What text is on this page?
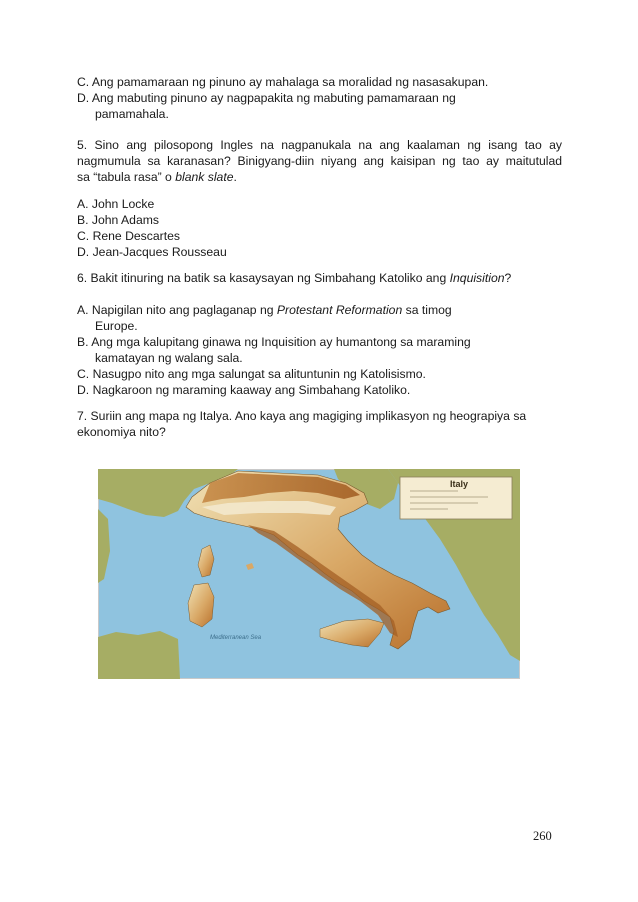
C. Ang pamamaraan ng pinuno ay mahalaga sa moralidad ng nasasakupan.
D. Ang mabuting pinuno ay nagpapakita ng mabuting pamamaraan ng
pamamahala.
5. Sino ang pilosopong Ingles na nagpanukala na ang kaalaman ng isang tao ay
nagmumula sa karanasan? Binigyang-diin niyang ang kaisipan ng tao ay maitutulad
sa “tabula rasa” o blank slate.
A. John Locke
B. John Adams
C. Rene Descartes
D. Jean-Jacques Rousseau
6. Bakit itinuring na batik sa kasaysayan ng Simbahang Katoliko ang Inquisition?
A. Napigilan nito ang paglaganap ng Protestant Reformation sa timog
Europe.
B. Ang mga kalupitang ginawa ng Inquisition ay humantong sa maraming
kamatayan ng walang sala.
C. Nasugpo nito ang mga salungat sa alituntunin ng Katolisismo.
D. Nagkaroon ng maraming kaaway ang Simbahang Katoliko.
7. Suriin ang mapa ng Italya. Ano kaya ang magiging implikasyon ng heograpiya sa
ekonomiya nito?
Italy
Mediterranean Sea
260
